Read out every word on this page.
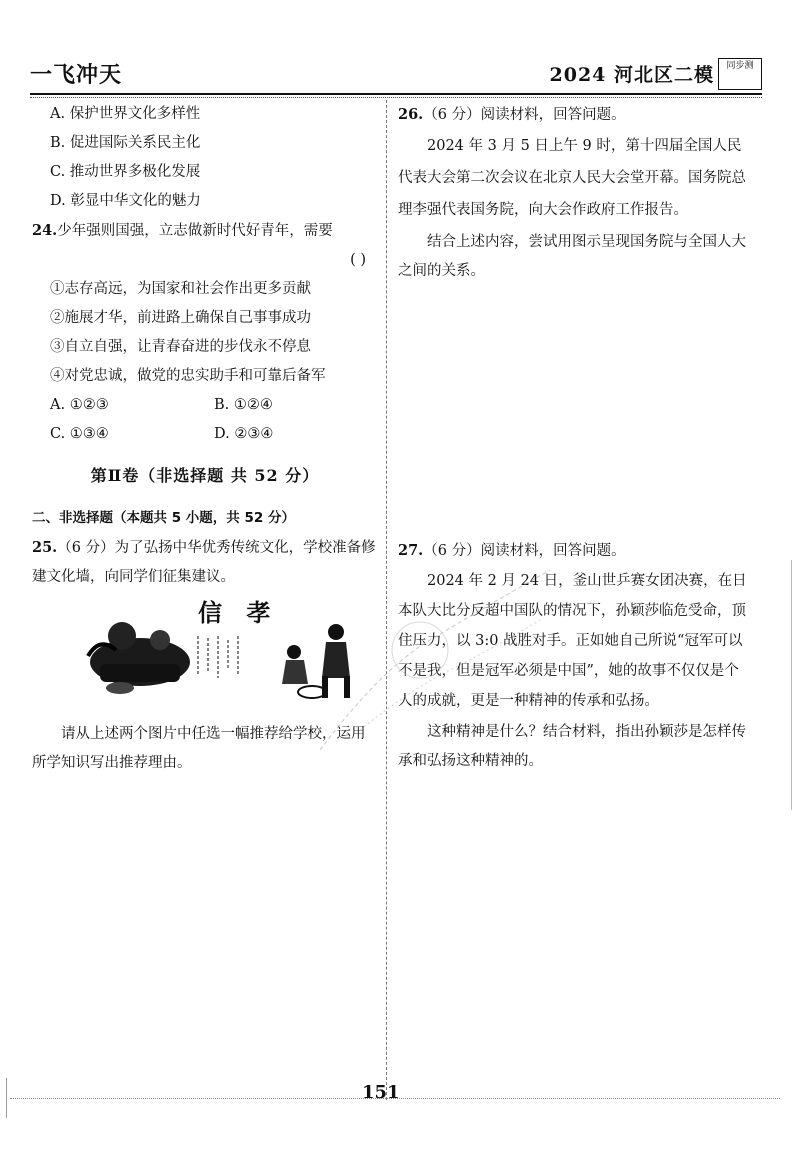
一飞冲天	2024 河北区二模	同步测
A. 保护世界文化多样性
B. 促进国际关系民主化
C. 推动世界多极化发展
D. 彰显中华文化的魅力
24.少年强则国强，立志做新时代好青年，需要
( )
①志存高远，为国家和社会作出更多贡献
②施展才华，前进路上确保自己事事成功
③自立自强，让青春奋进的步伐永不停息
④对党忠诚，做党的忠实助手和可靠后备军
A. ①②③	B. ①②④
C. ①③④	D. ②③④
第Ⅱ卷（非选择题 共 52 分）
二、非选择题（本题共 5 小题，共 52 分）
25.（6 分）为了弘扬中华优秀传统文化，学校准备修建文化墙，向同学们征集建议。
信 孝
请从上述两个图片中任选一幅推荐给学校，运用所学知识写出推荐理由。
26.（6 分）阅读材料，回答问题。
2024 年 3 月 5 日上午 9 时，第十四届全国人民代表大会第二次会议在北京人民大会堂开幕。国务院总理李强代表国务院，向大会作政府工作报告。
结合上述内容，尝试用图示呈现国务院与全国人大之间的关系。
27.（6 分）阅读材料，回答问题。
2024 年 2 月 24 日，釜山世乒赛女团决赛，在日本队大比分反超中国队的情况下，孙颖莎临危受命，顶住压力，以 3:0 战胜对手。正如她自己所说“冠军可以不是我，但是冠军必须是中国”，她的故事不仅仅是个人的成就，更是一种精神的传承和弘扬。
这种精神是什么？结合材料，指出孙颖莎是怎样传承和弘扬这种精神的。
151
